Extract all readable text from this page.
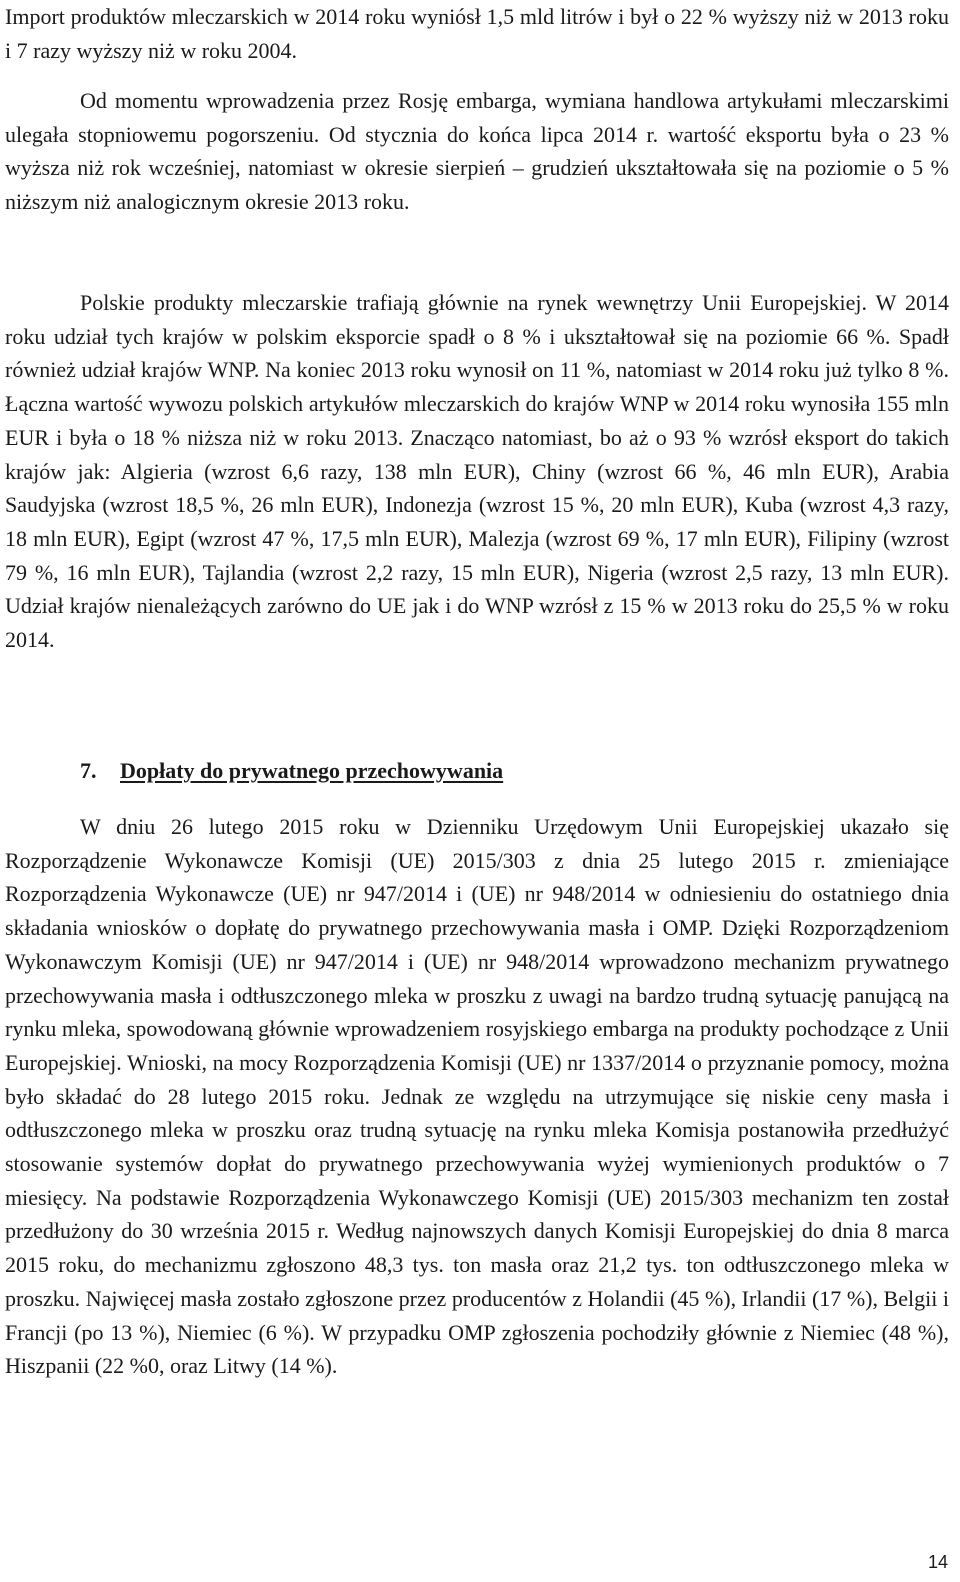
Import produktów mleczarskich w 2014 roku wyniósł 1,5 mld litrów i był o 22 % wyższy niż w 2013 roku i 7 razy wyższy niż w roku 2004.

Od momentu wprowadzenia przez Rosję embarga, wymiana handlowa artykułami mleczarskimi ulegała stopniowemu pogorszeniu. Od stycznia do końca lipca 2014 r. wartość eksportu była o 23 % wyższa niż rok wcześniej, natomiast w okresie sierpień – grudzień ukształtowała się na poziomie o 5 % niższym niż analogicznym okresie 2013 roku.

Polskie produkty mleczarskie trafiają głównie na rynek wewnętrzy Unii Europejskiej. W 2014 roku udział tych krajów w polskim eksporcie spadł o 8 % i ukształtował się na poziomie 66 %. Spadł również udział krajów WNP. Na koniec 2013 roku wynosił on 11 %, natomiast w 2014 roku już tylko 8 %. Łączna wartość wywozu polskich artykułów mleczarskich do krajów WNP w 2014 roku wynosiła 155 mln EUR i była o 18 % niższa niż w roku 2013. Znacząco natomiast, bo aż o 93 % wzrósł eksport do takich krajów jak: Algieria (wzrost 6,6 razy, 138 mln EUR), Chiny (wzrost 66 %, 46 mln EUR), Arabia Saudyjska (wzrost 18,5 %, 26 mln EUR), Indonezja (wzrost 15 %, 20 mln EUR), Kuba (wzrost 4,3 razy, 18 mln EUR), Egipt (wzrost 47 %, 17,5 mln EUR), Malezja (wzrost 69 %, 17 mln EUR), Filipiny (wzrost 79 %, 16 mln EUR), Tajlandia (wzrost 2,2 razy, 15 mln EUR), Nigeria (wzrost 2,5 razy, 13 mln EUR). Udział krajów nienależących zarówno do UE jak i do WNP wzrósł z 15 % w 2013 roku do 25,5 % w roku 2014.

7. Dopłaty do prywatnego przechowywania

W dniu 26 lutego 2015 roku w Dzienniku Urzędowym Unii Europejskiej ukazało się Rozporządzenie Wykonawcze Komisji (UE) 2015/303 z dnia 25 lutego 2015 r. zmieniające Rozporządzenia Wykonawcze (UE) nr 947/2014 i (UE) nr 948/2014 w odniesieniu do ostatniego dnia składania wniosków o dopłatę do prywatnego przechowywania masła i OMP. Dzięki Rozporządzeniom Wykonawczym Komisji (UE) nr 947/2014 i (UE) nr 948/2014 wprowadzono mechanizm prywatnego przechowywania masła i odtłuszczonego mleka w proszku z uwagi na bardzo trudną sytuację panującą na rynku mleka, spowodowaną głównie wprowadzeniem rosyjskiego embarga na produkty pochodzące z Unii Europejskiej. Wnioski, na mocy Rozporządzenia Komisji (UE) nr 1337/2014 o przyznanie pomocy, można było składać do 28 lutego 2015 roku. Jednak ze względu na utrzymujące się niskie ceny masła i odtłuszczonego mleka w proszku oraz trudną sytuację na rynku mleka Komisja postanowiła przedłużyć stosowanie systemów dopłat do prywatnego przechowywania wyżej wymienionych produktów o 7 miesięcy. Na podstawie Rozporządzenia Wykonawczego Komisji (UE) 2015/303 mechanizm ten został przedłużony do 30 września 2015 r. Według najnowszych danych Komisji Europejskiej do dnia 8 marca 2015 roku, do mechanizmu zgłoszono 48,3 tys. ton masła oraz 21,2 tys. ton odtłuszczonego mleka w proszku. Najwięcej masła zostało zgłoszone przez producentów z Holandii (45 %), Irlandii (17 %), Belgii i Francji (po 13 %), Niemiec (6 %). W przypadku OMP zgłoszenia pochodziły głównie z Niemiec (48 %), Hiszpanii (22 %0, oraz Litwy (14 %).

14
